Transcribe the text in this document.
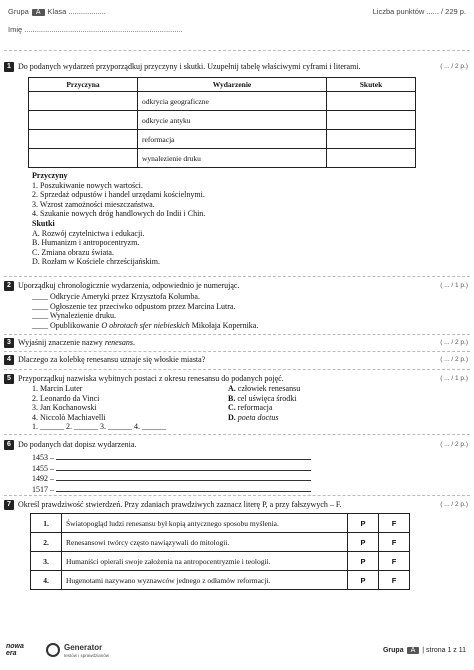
Grupa A Klasa ..................	Liczba punktów ...... / 229 p.
Imię ............................................................................
1 Do podanych wydarzeń przyporządkuj przyczyny i skutki. Uzupełnij tabelę właściwymi cyframi i literami.	( ... / 2 p.)
Przyczyna	Wydarzenie	Skutek
	odkrycia geograficzne	
	odkrycie antyku	
	reformacja	
	wynalezienie druku	
Przyczyny
1. Poszukiwanie nowych wartości.
2. Sprzedaż odpustów i handel urzędami kościelnymi.
3. Wzrost zamożności mieszczaństwa.
4. Szukanie nowych dróg handlowych do Indii i Chin.
Skutki
A. Rozwój czytelnictwa i edukacji.
B. Humanizm i antropocentryzm.
C. Zmiana obrazu świata.
D. Rozłam w Kościele chrześcijańskim.
2 Uporządkuj chronologicznie wydarzenia, odpowiednio je numerując.	( ... / 1 p.)
____ Odkrycie Ameryki przez Krzysztofa Kolumba.
____ Ogłoszenie tez przeciwko odpustom przez Marcina Lutra.
____ Wynalezienie druku.
____ Opublikowanie O obrotach sfer niebieskich Mikołaja Kopernika.
3 Wyjaśnij znaczenie nazwy renesans.	( ... / 2 p.)
4 Dlaczego za kolebkę renesansu uznaje się włoskie miasta?	( ... / 2 p.)
5 Przyporządkuj nazwiska wybitnych postaci z okresu renesansu do podanych pojęć.	( ... / 1 p.)
1. Marcin Luter
2. Leonardo da Vinci
3. Jan Kochanowski
4. Niccolò Machiavelli
1. ______ 2. ______ 3. ______ 4. ______
A. człowiek renesansu
B. cel uświęca środki
C. reformacja
D. poeta doctus
6 Do podanych dat dopisz wydarzenia.	( ... / 2 p.)
1453 –
1455 –
1492 –
1517 –
7 Określ prawdziwość stwierdzeń. Przy zdaniach prawdziwych zaznacz literę P, a przy fałszywych – F.	( ... / 2 p.)
1.	Światopogląd ludzi renesansu był kopią antycznego sposobu myślenia.	P	F
2.	Renesansowi twórcy często nawiązywali do mitologii.	P	F
3.	Humaniści opierali swoje założenia na antropocentryzmie i teologii.	P	F
4.	Hugenotami nazywano wyznawców jednego z odłamów reformacji.	P	F
nowa era
Generator
testów i sprawdzianów
Grupa A | strona 1 z 11
